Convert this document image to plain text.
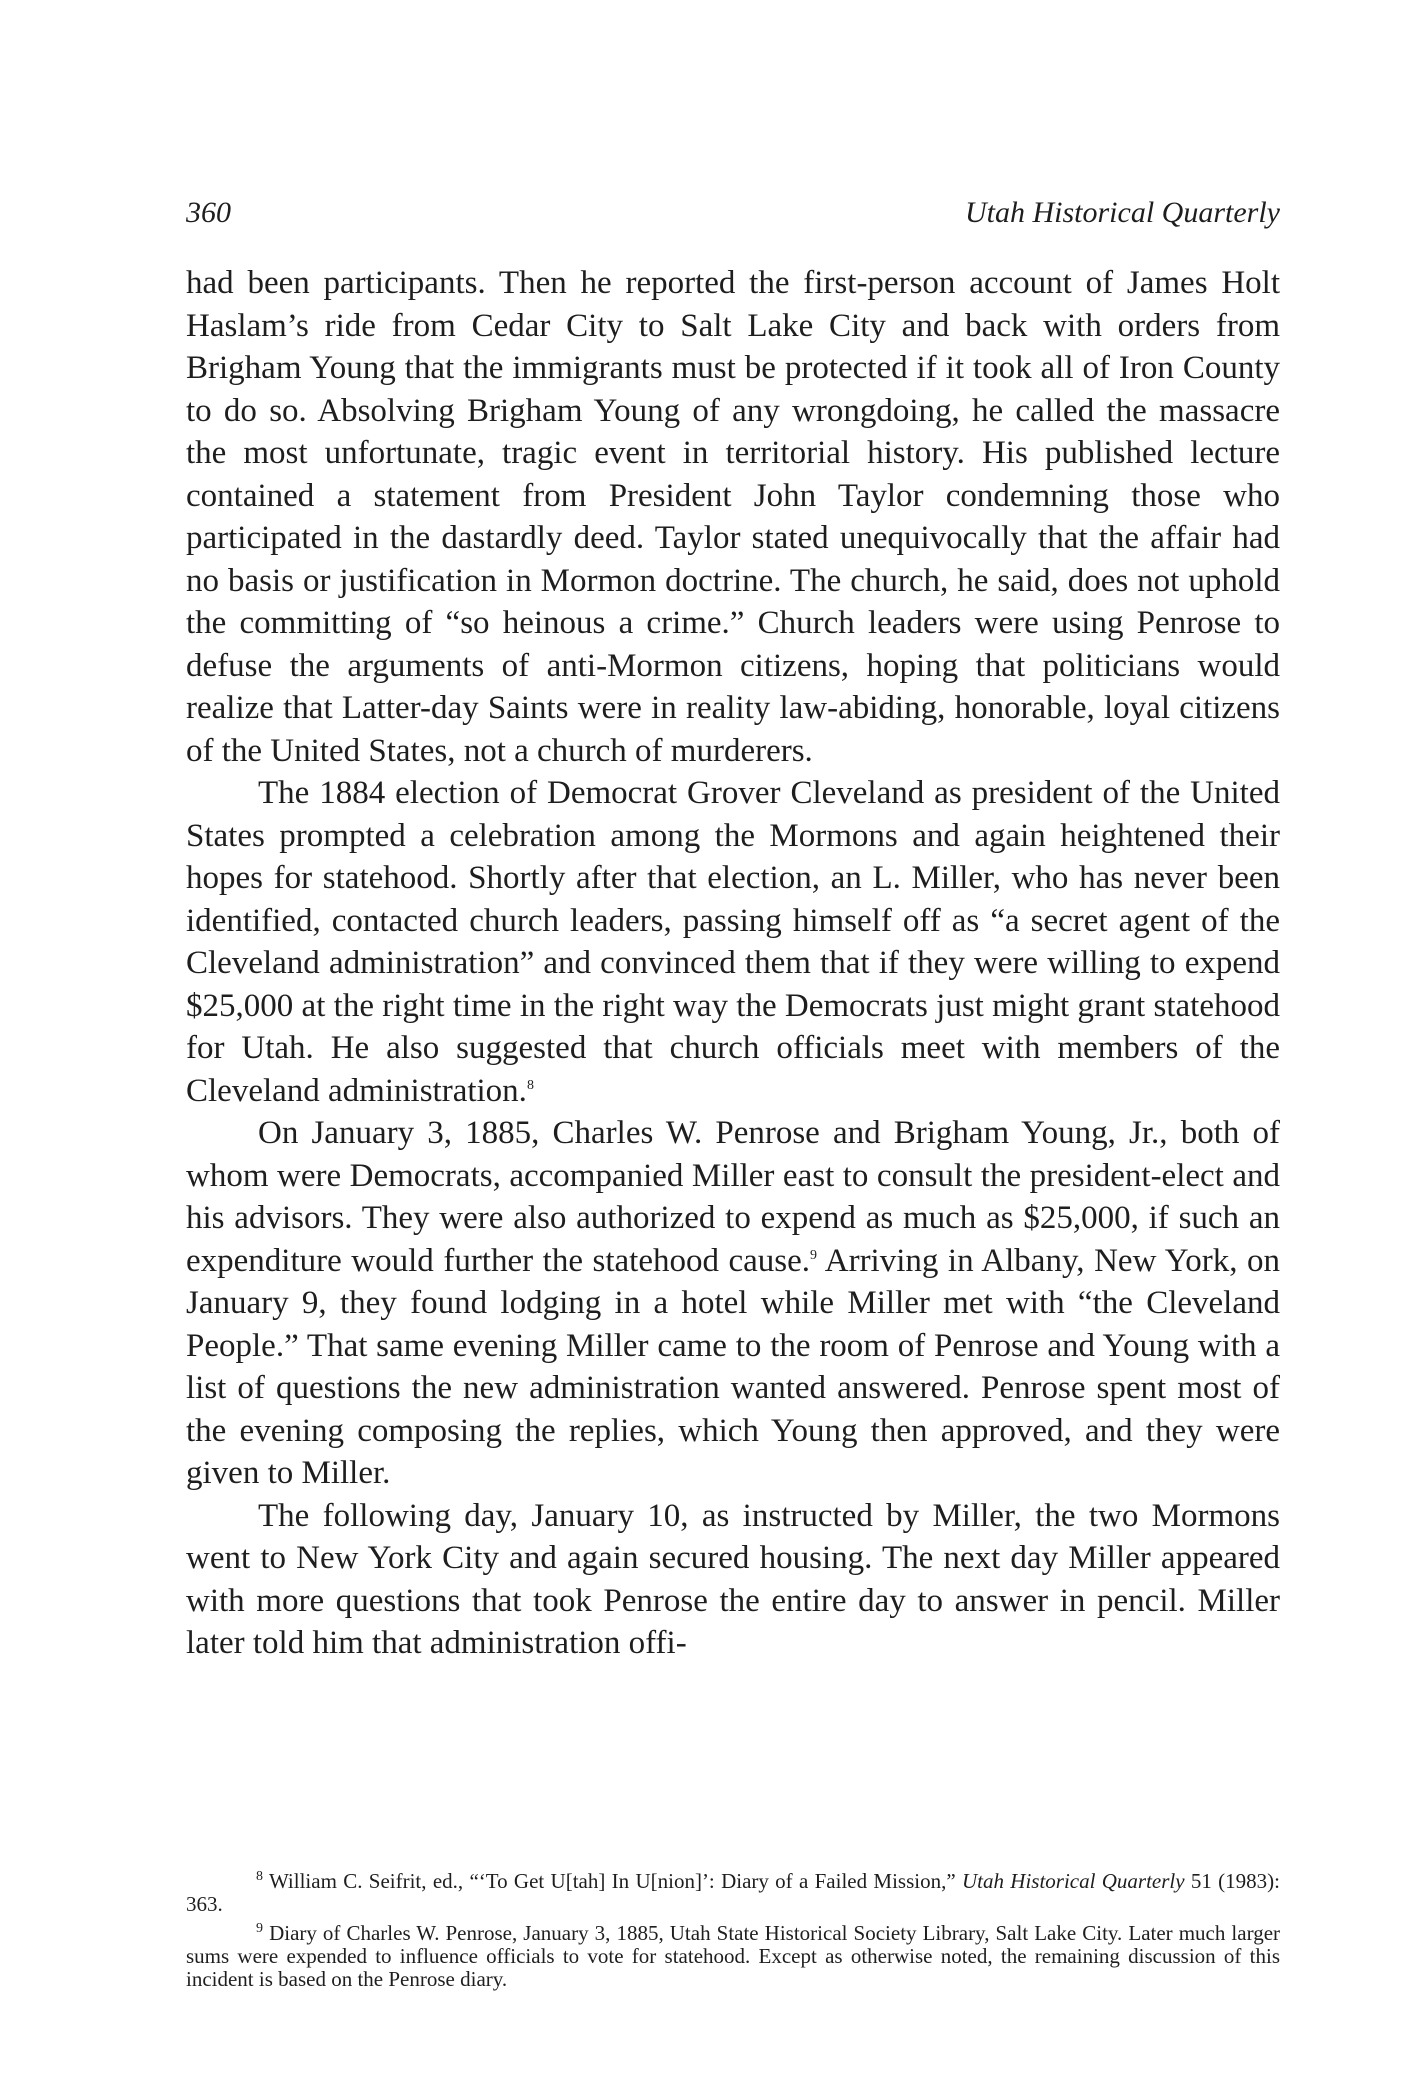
360	Utah Historical Quarterly

had been participants. Then he reported the first-person account of James Holt Haslam’s ride from Cedar City to Salt Lake City and back with orders from Brigham Young that the immigrants must be protected if it took all of Iron County to do so. Absolving Brigham Young of any wrongdoing, he called the massacre the most unfortunate, tragic event in territorial history. His published lecture contained a statement from President John Taylor condemning those who participated in the dastardly deed. Taylor stated unequivocally that the affair had no basis or justification in Mormon doctrine. The church, he said, does not uphold the committing of “so heinous a crime.” Church leaders were using Penrose to defuse the arguments of anti-Mormon citizens, hoping that politicians would realize that Latter-day Saints were in reality law-abiding, honorable, loyal citizens of the United States, not a church of murderers.

The 1884 election of Democrat Grover Cleveland as president of the United States prompted a celebration among the Mormons and again heightened their hopes for statehood. Shortly after that election, an L. Miller, who has never been identified, contacted church leaders, passing himself off as “a secret agent of the Cleveland administration” and convinced them that if they were willing to expend $25,000 at the right time in the right way the Democrats just might grant statehood for Utah. He also suggested that church officials meet with members of the Cleveland administration.$^8$

On January 3, 1885, Charles W. Penrose and Brigham Young, Jr., both of whom were Democrats, accompanied Miller east to consult the president-elect and his advisors. They were also authorized to expend as much as $25,000, if such an expenditure would further the statehood cause.$^9$ Arriving in Albany, New York, on January 9, they found lodging in a hotel while Miller met with “the Cleveland People.” That same evening Miller came to the room of Penrose and Young with a list of questions the new administration wanted answered. Penrose spent most of the evening composing the replies, which Young then approved, and they were given to Miller.

The following day, January 10, as instructed by Miller, the two Mormons went to New York City and again secured housing. The next day Miller appeared with more questions that took Penrose the entire day to answer in pencil. Miller later told him that administration offi-

$^8$ William C. Seifrit, ed., “‘To Get U[tah] In U[nion]’: Diary of a Failed Mission,” Utah Historical Quarterly 51 (1983): 363.

$^9$ Diary of Charles W. Penrose, January 3, 1885, Utah State Historical Society Library, Salt Lake City. Later much larger sums were expended to influence officials to vote for statehood. Except as otherwise noted, the remaining discussion of this incident is based on the Penrose diary.
